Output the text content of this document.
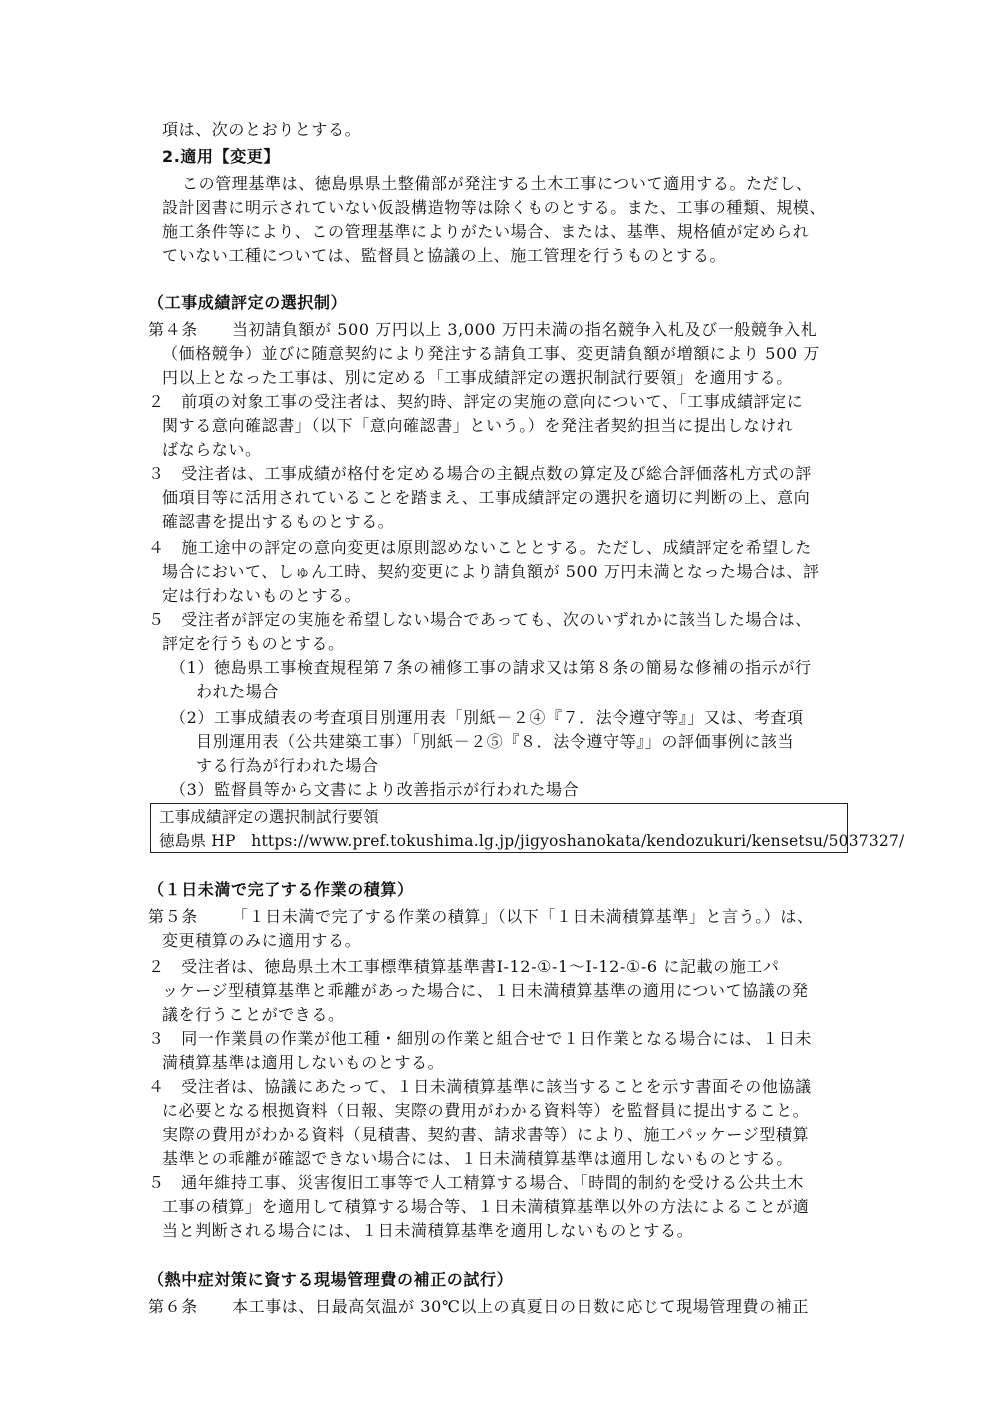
項は、次のとおりとする。
2.適用【変更】
この管理基準は、徳島県県土整備部が発注する土木工事について適用する。ただし、
設計図書に明示されていない仮設構造物等は除くものとする。また、工事の種類、規模、
施工条件等により、この管理基準によりがたい場合、または、基準、規格値が定められ
ていない工種については、監督員と協議の上、施工管理を行うものとする。
（工事成績評定の選択制）
第４条 当初請負額が 500 万円以上 3,000 万円未満の指名競争入札及び一般競争入札
（価格競争）並びに随意契約により発注する請負工事、変更請負額が増額により 500 万
円以上となった工事は、別に定める「工事成績評定の選択制試行要領」を適用する。
２　前項の対象工事の受注者は、契約時、評定の実施の意向について、「工事成績評定に
関する意向確認書」（以下「意向確認書」という。）を発注者契約担当に提出しなけれ
ばならない。
３　受注者は、工事成績が格付を定める場合の主観点数の算定及び総合評価落札方式の評
価項目等に活用されていることを踏まえ、工事成績評定の選択を適切に判断の上、意向
確認書を提出するものとする。
４　施工途中の評定の意向変更は原則認めないこととする。ただし、成績評定を希望した
場合において、しゅん工時、契約変更により請負額が 500 万円未満となった場合は、評
定は行わないものとする。
５　受注者が評定の実施を希望しない場合であっても、次のいずれかに該当した場合は、
評定を行うものとする。
（1）徳島県工事検査規程第７条の補修工事の請求又は第８条の簡易な修補の指示が行
われた場合
（2）工事成績表の考査項目別運用表「別紙－２④『７．法令遵守等』」又は、考査項
目別運用表（公共建築工事）「別紙－２⑤『８．法令遵守等』」の評価事例に該当
する行為が行われた場合
（3）監督員等から文書により改善指示が行われた場合
工事成績評定の選択制試行要領
徳島県 HP　https://www.pref.tokushima.lg.jp/jigyoshanokata/kendozukuri/kensetsu/5037327/
（１日未満で完了する作業の積算）
第５条 「１日未満で完了する作業の積算」（以下「１日未満積算基準」と言う。）は、
変更積算のみに適用する。
２　受注者は、徳島県土木工事標準積算基準書Ⅰ-12-①-1～Ⅰ-12-①-6 に記載の施工パ
ッケージ型積算基準と乖離があった場合に、１日未満積算基準の適用について協議の発
議を行うことができる。
３　同一作業員の作業が他工種・細別の作業と組合せで１日作業となる場合には、１日未
満積算基準は適用しないものとする。
４　受注者は、協議にあたって、１日未満積算基準に該当することを示す書面その他協議
に必要となる根拠資料（日報、実際の費用がわかる資料等）を監督員に提出すること。
実際の費用がわかる資料（見積書、契約書、請求書等）により、施工パッケージ型積算
基準との乖離が確認できない場合には、１日未満積算基準は適用しないものとする。
５　通年維持工事、災害復旧工事等で人工精算する場合、「時間的制約を受ける公共土木
工事の積算」を適用して積算する場合等、１日未満積算基準以外の方法によることが適
当と判断される場合には、１日未満積算基準を適用しないものとする。
（熱中症対策に資する現場管理費の補正の試行）
第６条 本工事は、日最高気温が 30℃以上の真夏日の日数に応じて現場管理費の補正
